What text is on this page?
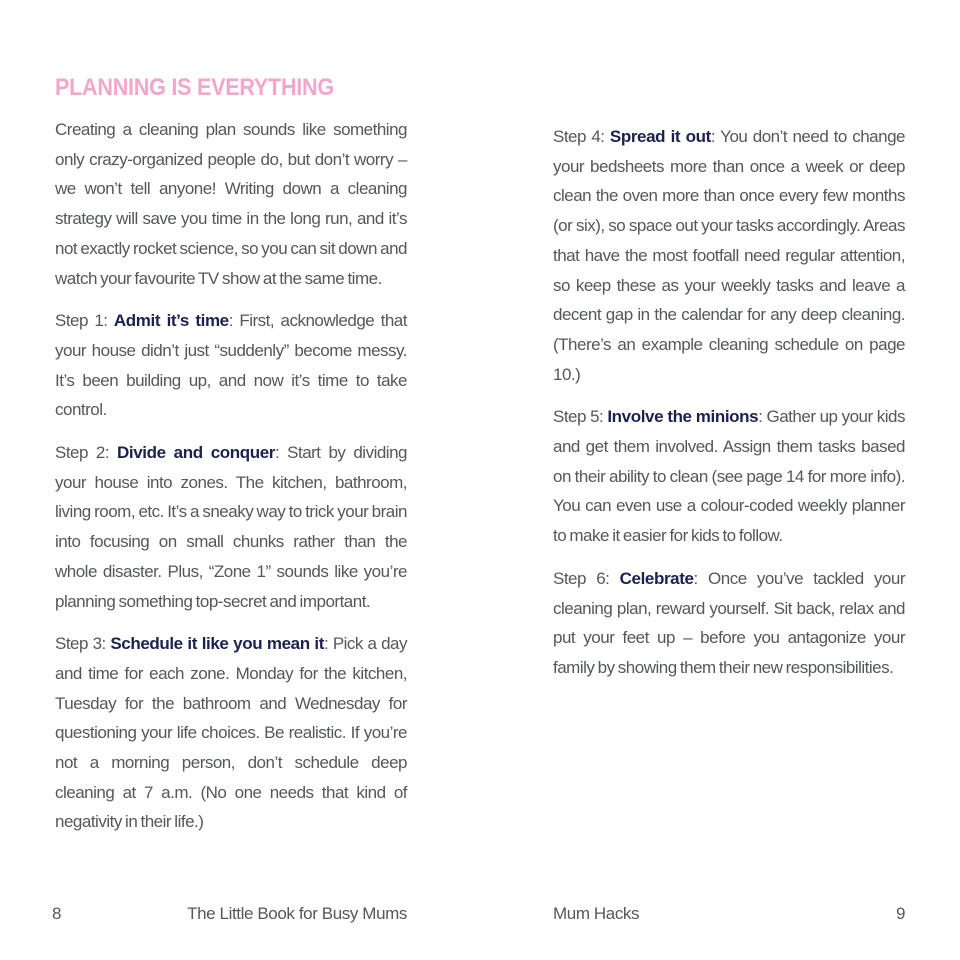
PLANNING IS EVERYTHING

Creating a cleaning plan sounds like something only crazy-organized people do, but don’t worry – we won’t tell anyone! Writing down a cleaning strategy will save you time in the long run, and it’s not exactly rocket science, so you can sit down and watch your favourite TV show at the same time.

Step 1: Admit it’s time: First, acknowledge that your house didn’t just “suddenly” become messy. It’s been building up, and now it’s time to take control.

Step 2: Divide and conquer: Start by dividing your house into zones. The kitchen, bathroom, living room, etc. It’s a sneaky way to trick your brain into focusing on small chunks rather than the whole disaster. Plus, “Zone 1” sounds like you’re planning something top-secret and important.

Step 3: Schedule it like you mean it: Pick a day and time for each zone. Monday for the kitchen, Tuesday for the bathroom and Wednesday for questioning your life choices. Be realistic. If you’re not a morning person, don’t schedule deep cleaning at 7 a.m. (No one needs that kind of negativity in their life.)

Step 4: Spread it out: You don’t need to change your bedsheets more than once a week or deep clean the oven more than once every few months (or six), so space out your tasks accordingly. Areas that have the most footfall need regular attention, so keep these as your weekly tasks and leave a decent gap in the calendar for any deep cleaning. (There’s an example cleaning schedule on page 10.)

Step 5: Involve the minions: Gather up your kids and get them involved. Assign them tasks based on their ability to clean (see page 14 for more info). You can even use a colour-coded weekly planner to make it easier for kids to follow.

Step 6: Celebrate: Once you’ve tackled your cleaning plan, reward yourself. Sit back, relax and put your feet up – before you antagonize your family by showing them their new responsibilities.

8	The Little Book for Busy Mums	Mum Hacks	9
